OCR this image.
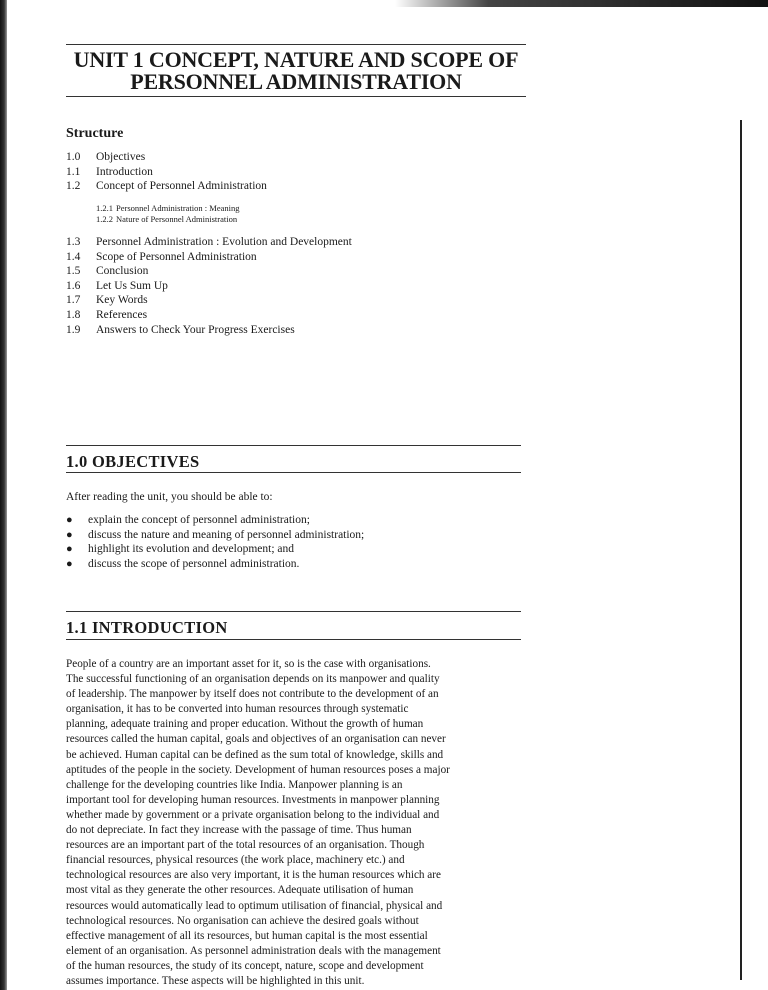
UNIT 1 CONCEPT, NATURE AND SCOPE OF
PERSONNEL ADMINISTRATION
Structure
1.0	Objectives
1.1	Introduction
1.2	Concept of Personnel Administration
1.2.1 Personnel Administration : Meaning
1.2.2 Nature of Personnel Administration
1.3	Personnel Administration : Evolution and Development
1.4	Scope of Personnel Administration
1.5	Conclusion
1.6	Let Us Sum Up
1.7	Key Words
1.8	References
1.9	Answers to Check Your Progress Exercises
1.0 OBJECTIVES

After reading the unit, you should be able to:

●	explain the concept of personnel administration;
●	discuss the nature and meaning of personnel administration;
●	highlight its evolution and development; and
●	discuss the scope of personnel administration.
1.1 INTRODUCTION

People of a country are an important asset for it, so is the case with organisations.
The successful functioning of an organisation depends on its manpower and quality
of leadership. The manpower by itself does not contribute to the development of an
organisation, it has to be converted into human resources through systematic
planning, adequate training and proper education. Without the growth of human
resources called the human capital, goals and objectives of an organisation can never
be achieved. Human capital can be defined as the sum total of knowledge, skills and
aptitudes of the people in the society. Development of human resources poses a major
challenge for the developing countries like India. Manpower planning is an
important tool for developing human resources. Investments in manpower planning
whether made by government or a private organisation belong to the individual and
do not depreciate. In fact they increase with the passage of time. Thus human
resources are an important part of the total resources of an organisation. Though
financial resources, physical resources (the work place, machinery etc.) and
technological resources are also very important, it is the human resources which are
most vital as they generate the other resources. Adequate utilisation of human
resources would automatically lead to optimum utilisation of financial, physical and
technological resources. No organisation can achieve the desired goals without
effective management of all its resources, but human capital is the most essential
element of an organisation. As personnel administration deals with the management
of the human resources, the study of its concept, nature, scope and development
assumes importance. These aspects will be highlighted in this unit.
